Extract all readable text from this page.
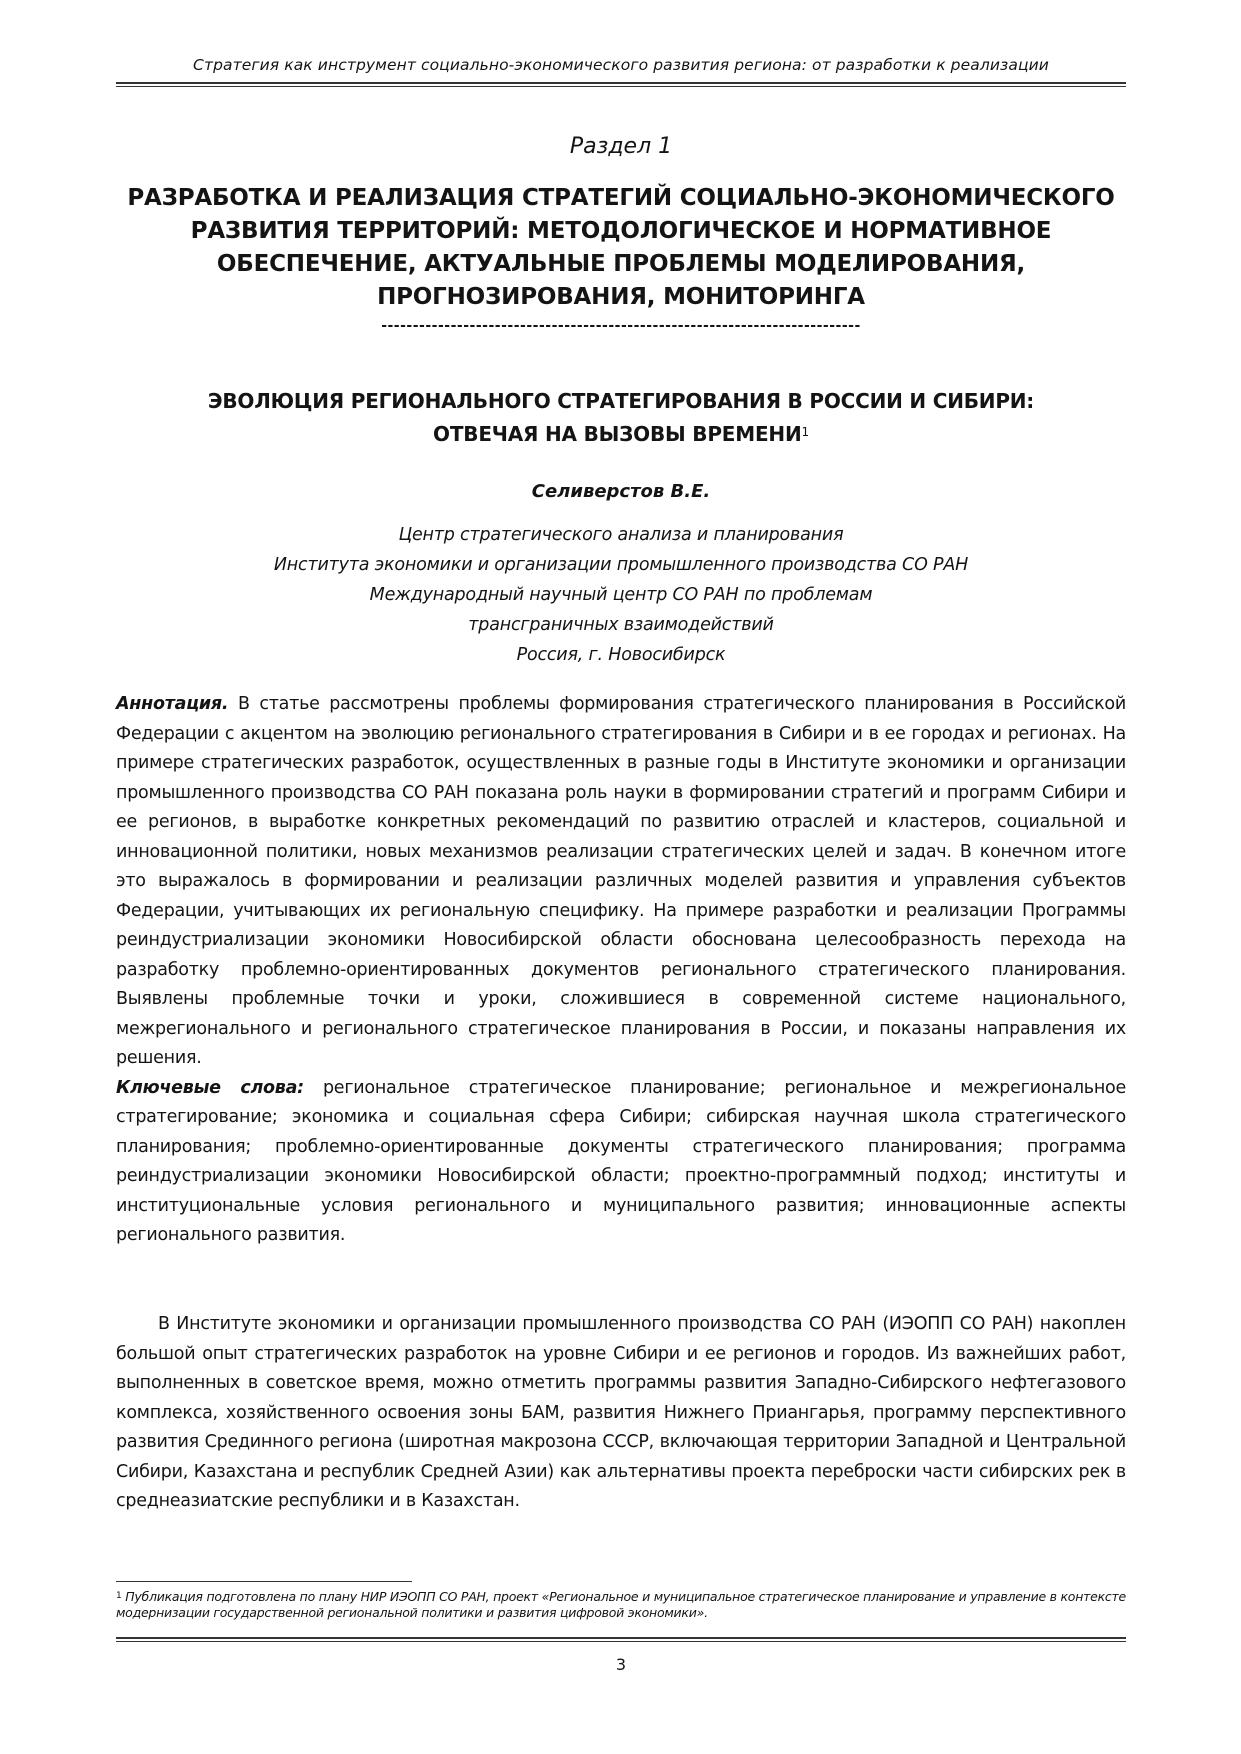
Стратегия как инструмент социально-экономического развития региона: от разработки к реализации
Раздел 1
РАЗРАБОТКА И РЕАЛИЗАЦИЯ СТРАТЕГИЙ СОЦИАЛЬНО-ЭКОНОМИЧЕСКОГО
РАЗВИТИЯ ТЕРРИТОРИЙ: МЕТОДОЛОГИЧЕСКОЕ И НОРМАТИВНОЕ
ОБЕСПЕЧЕНИЕ, АКТУАЛЬНЫЕ ПРОБЛЕМЫ МОДЕЛИРОВАНИЯ,
ПРОГНОЗИРОВАНИЯ, МОНИТОРИНГА
----------------------------------------------------------------------------
ЭВОЛЮЦИЯ РЕГИОНАЛЬНОГО СТРАТЕГИРОВАНИЯ В РОССИИ И СИБИРИ:
ОТВЕЧАЯ НА ВЫЗОВЫ ВРЕМЕНИ$^1$
Селиверстов В.Е.
Центр стратегического анализа и планирования
Института экономики и организации промышленного производства СО РАН
Международный научный центр СО РАН по проблемам
трансграничных взаимодействий
Россия, г. Новосибирск

Аннотация. В статье рассмотрены проблемы формирования стратегического планирования в Российской Федерации с акцентом на эволюцию регионального стратегирования в Сибири и в ее городах и регионах. На примере стратегических разработок, осуществленных в разные годы в Институте экономики и организации промышленного производства СО РАН показана роль науки в формировании стратегий и программ Сибири и ее регионов, в выработке конкретных рекомендаций по развитию отраслей и кластеров, социальной и инновационной политики, новых механизмов реализации стратегических целей и задач. В конечном итоге это выражалось в формировании и реализации различных моделей развития и управления субъектов Федерации, учитывающих их региональную специфику. На примере разработки и реализации Программы реиндустриализации экономики Новосибирской области обоснована целесообразность перехода на разработку проблемно-ориентированных документов регионального стратегического планирования. Выявлены проблемные точки и уроки, сложившиеся в современной системе национального, межрегионального и регионального стратегическое планирования в России, и показаны направления их решения.

Ключевые слова: региональное стратегическое планирование; региональное и межрегиональное стратегирование; экономика и социальная сфера Сибири; сибирская научная школа стратегического планирования; проблемно-ориентированные документы стратегического планирования; программа реиндустриализации экономики Новосибирской области; проектно-программный подход; институты и институциональные условия регионального и муниципального развития; инновационные аспекты регионального развития.

В Институте экономики и организации промышленного производства СО РАН (ИЭОПП СО РАН) накоплен большой опыт стратегических разработок на уровне Сибири и ее регионов и городов. Из важнейших работ, выполненных в советское время, можно отметить программы развития Западно-Сибирского нефтегазового комплекса, хозяйственного освоения зоны БАМ, развития Нижнего Приангарья, программу перспективного развития Срединного региона (широтная макрозона СССР, включающая территории Западной и Центральной Сибири, Казахстана и республик Средней Азии) как альтернативы проекта переброски части сибирских рек в среднеазиатские республики и в Казахстан.
$^1$ Публикация подготовлена по плану НИР ИЭОПП СО РАН, проект «Региональное и муниципальное стратегическое планирование и управление в контексте модернизации государственной региональной политики и развития цифровой экономики».
3
